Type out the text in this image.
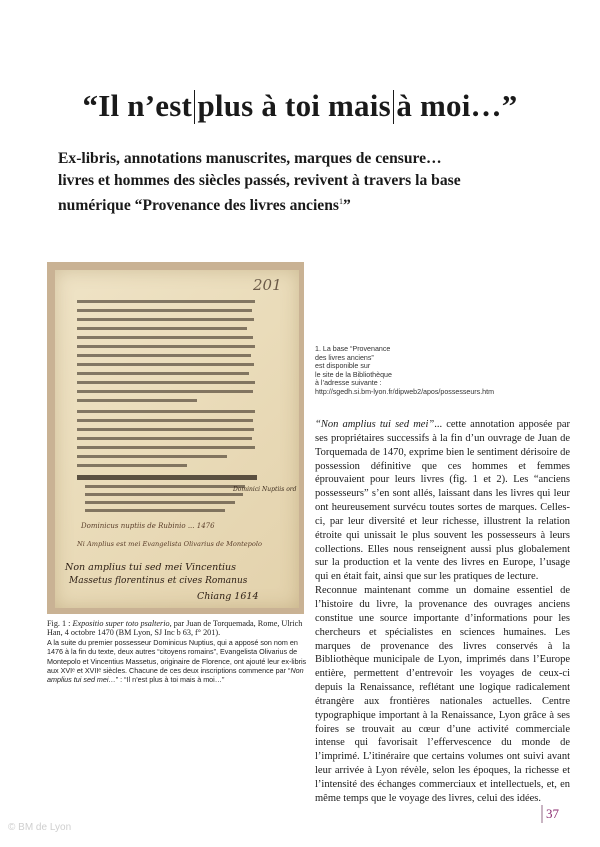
“Il n’est plus à toi mais à moi…”
Ex-libris, annotations manuscrites, marques de censure…
livres et hommes des siècles passés, revivent à travers la base
numérique “Provenance des livres anciens$^1$”
201
Dominici Nuptiis ord
Dominicus nuptiis de Rubinio ... 1476
Ni Amplius est mei Evangelista Olivarius de Montepolo
Non amplius tui sed mei Vincentius
Massetus florentinus et cives Romanus
Chiang 1614
Fig. 1 : Expositio super toto psalterio, par Juan de Torquemada, Rome, Ulrich Han, 4 octobre 1470 (BM Lyon, SJ Inc b 63, f° 201).
A la suite du premier possesseur Dominicus Nuptius, qui a apposé son nom en 1476 à la fin du texte, deux autres “citoyens romains”, Evangelista Olivarius de Montepolo et Vincentius Massetus, originaire de Florence, ont ajouté leur ex-libris aux XVIᵉ et XVIIᵉ siècles. Chacune de ces deux inscriptions commence par “Non amplius tui sed mei…” : “Il n’est plus à toi mais à moi…”
1. La base “Provenance
des livres anciens”
est disponible sur
le site de la Bibliothèque
à l’adresse suivante :
http://sgedh.si.bm-lyon.fr/dipweb2/apos/possesseurs.htm

“Non amplius tui sed mei”... cette annotation apposée par ses propriétaires successifs à la fin d’un ouvrage de Juan de Torquemada de 1470, exprime bien le sentiment dérisoire de possession définitive que ces hommes et femmes éprouvaient pour leurs livres (fig. 1 et 2). Les “anciens possesseurs” s’en sont allés, laissant dans les livres qui leur ont heureusement survécu toutes sortes de marques. Celles-ci, par leur diversité et leur richesse, illustrent la relation étroite qui unissait le plus souvent les possesseurs à leurs collections. Elles nous renseignent aussi plus globalement sur la production et la vente des livres en Europe, l’usage qui en était fait, ainsi que sur les pratiques de lecture.

Reconnue maintenant comme un domaine essentiel de l’histoire du livre, la provenance des ouvrages anciens constitue une source importante d’informations pour les chercheurs et spécialistes en sciences humaines. Les marques de provenance des livres conservés à la Bibliothèque municipale de Lyon, imprimés dans l’Europe entière, permettent d’entrevoir les voyages de ceux-ci depuis la Renaissance, reflétant une logique radicalement étrangère aux frontières nationales actuelles. Centre typographique important à la Renaissance, Lyon grâce à ses foires se trouvait au cœur d’une activité commerciale intense qui favorisait l’effervescence du monde de l’imprimé. L’itinéraire que certains volumes ont suivi avant leur arrivée à Lyon révèle, selon les époques, la richesse et l’intensité des échanges commerciaux et intellectuels, et, en même temps que le voyage des livres, celui des idées.

37
© BM de Lyon
